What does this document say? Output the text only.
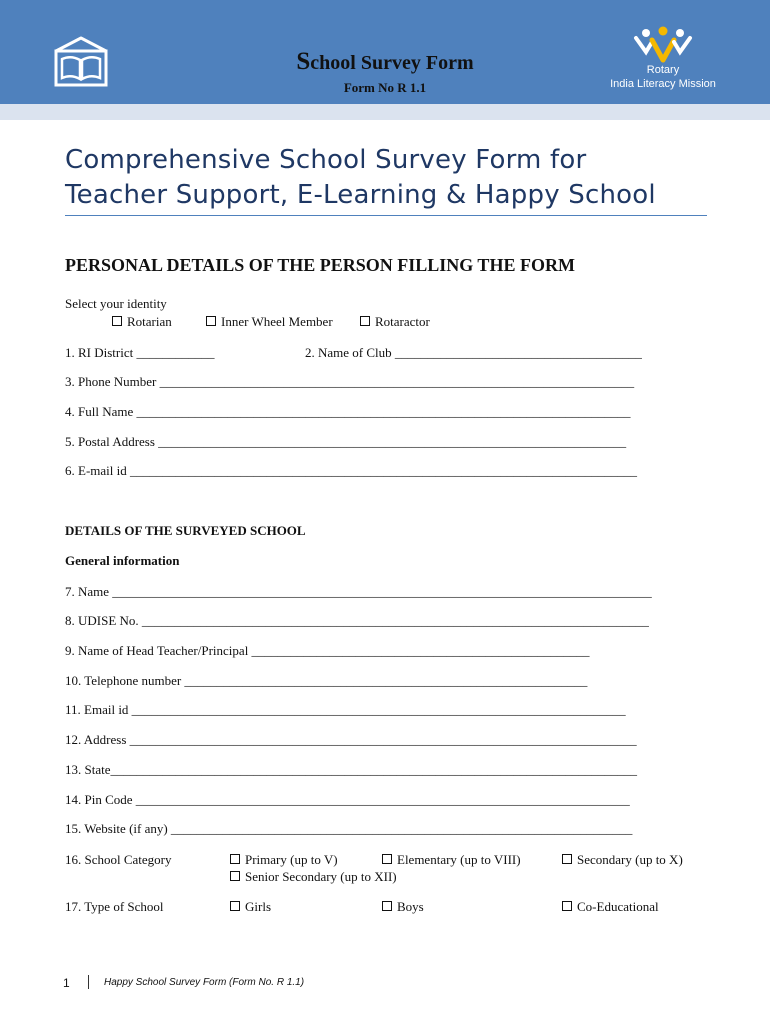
School Survey Form
Form No R 1.1
Rotary
India Literacy Mission
Comprehensive School Survey Form for
Teacher Support, E-Learning & Happy School
PERSONAL DETAILS OF THE PERSON FILLING THE FORM
Select your identity
Rotarian	Inner Wheel Member	Rotaractor
1. RI District ____________	2. Name of Club ______________________________________
3. Phone Number _________________________________________________________________________
4. Full Name ____________________________________________________________________________
5. Postal Address ________________________________________________________________________
6. E-mail id ______________________________________________________________________________
DETAILS OF THE SURVEYED SCHOOL
General information
7. Name ___________________________________________________________________________________
8. UDISE No. ______________________________________________________________________________
9. Name of Head Teacher/Principal ____________________________________________________
10. Telephone number ______________________________________________________________
11. Email id ____________________________________________________________________________
12. Address ______________________________________________________________________________
13. State_________________________________________________________________________________
14. Pin Code ____________________________________________________________________________
15. Website (if any) _______________________________________________________________________
16. School Category	Primary (up to V)	Elementary (up to VIII)	Secondary (up to X)
Senior Secondary (up to XII)
17. Type of School	Girls	Boys	Co-Educational
1	Happy School Survey Form (Form No. R 1.1)
